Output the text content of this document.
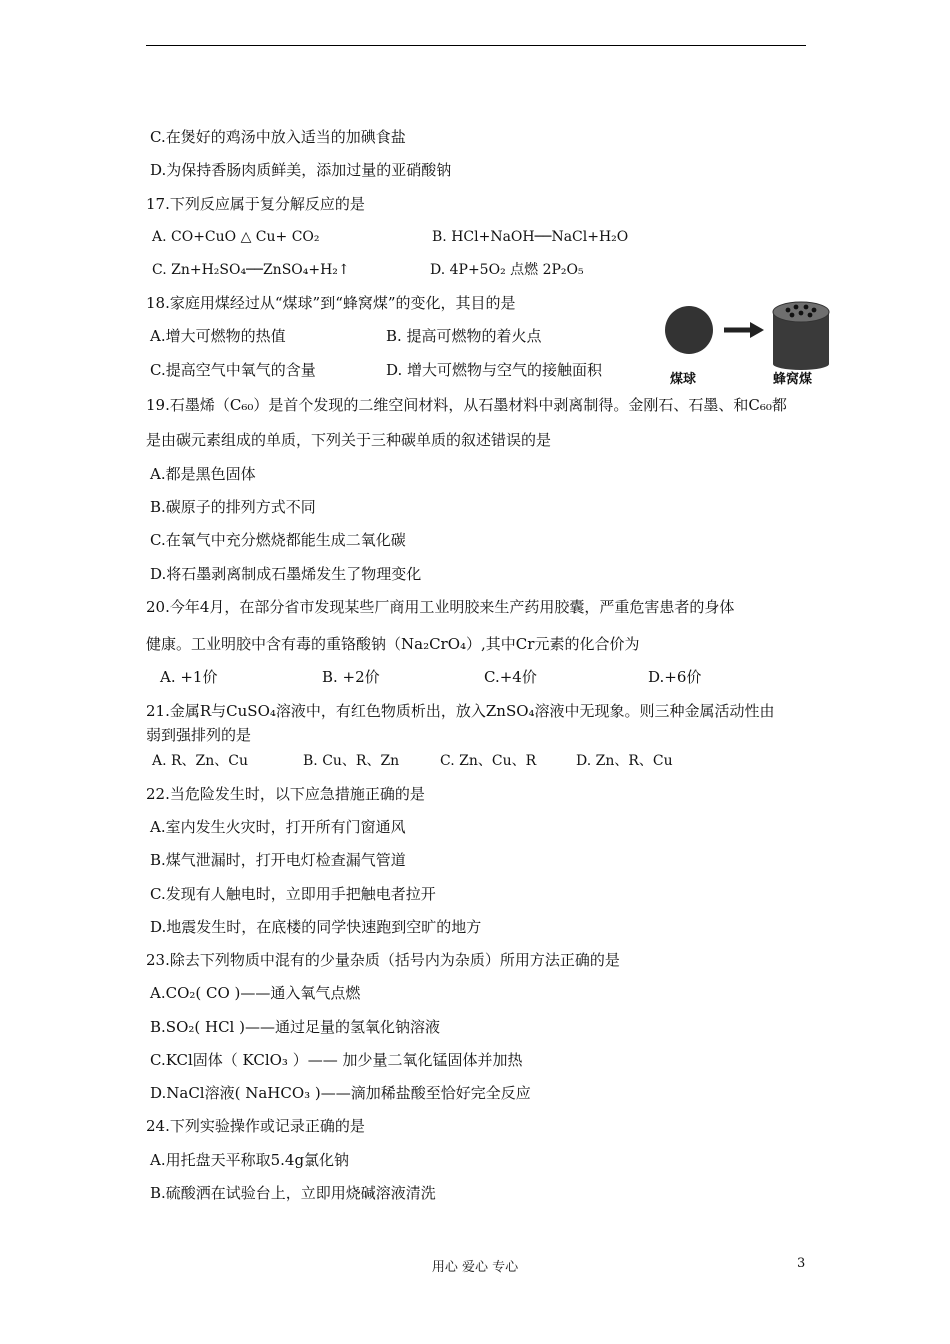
C.在煲好的鸡汤中放入适当的加碘食盐
D.为保持香肠肉质鲜美，添加过量的亚硝酸钠
17.下列反应属于复分解反应的是
A. CO+CuO △ Cu+ CO₂	B. HCl+NaOH──NaCl+H₂O
C. Zn+H₂SO₄──ZnSO₄+H₂↑	D. 4P+5O₂ 点燃 2P₂O₅
18.家庭用煤经过从“煤球”到“蜂窝煤”的变化，其目的是
A.增大可燃物的热值	B. 提高可燃物的着火点
C.提高空气中氧气的含量	D. 增大可燃物与空气的接触面积
煤球	蜂窝煤
19.石墨烯（C₆₀）是首个发现的二维空间材料，从石墨材料中剥离制得。金刚石、石墨、和C₆₀都
是由碳元素组成的单质，下列关于三种碳单质的叙述错误的是
A.都是黑色固体
B.碳原子的排列方式不同
C.在氧气中充分燃烧都能生成二氧化碳
D.将石墨剥离制成石墨烯发生了物理变化
20.今年4月，在部分省市发现某些厂商用工业明胶来生产药用胶囊，严重危害患者的身体
健康。工业明胶中含有毒的重铬酸钠（Na₂CrO₄）,其中Cr元素的化合价为
A. +1价	B. +2价	C.+4价	D.+6价
21.金属R与CuSO₄溶液中，有红色物质析出，放入ZnSO₄溶液中无现象。则三种金属活动性由
弱到强排列的是
A. R、Zn、Cu	B. Cu、R、Zn	C. Zn、Cu、R	D. Zn、R、Cu
22.当危险发生时，以下应急措施正确的是
A.室内发生火灾时，打开所有门窗通风
B.煤气泄漏时，打开电灯检查漏气管道
C.发现有人触电时，立即用手把触电者拉开
D.地震发生时，在底楼的同学快速跑到空旷的地方
23.除去下列物质中混有的少量杂质（括号内为杂质）所用方法正确的是
A.CO₂( CO )——通入氧气点燃
B.SO₂( HCl )——通过足量的氢氧化钠溶液
C.KCl固体（ KClO₃ ）—— 加少量二氧化锰固体并加热
D.NaCl溶液( NaHCO₃ )——滴加稀盐酸至恰好完全反应
24.下列实验操作或记录正确的是
A.用托盘天平称取5.4g氯化钠
B.硫酸洒在试验台上，立即用烧碱溶液清洗
用心 爱心 专心	3
